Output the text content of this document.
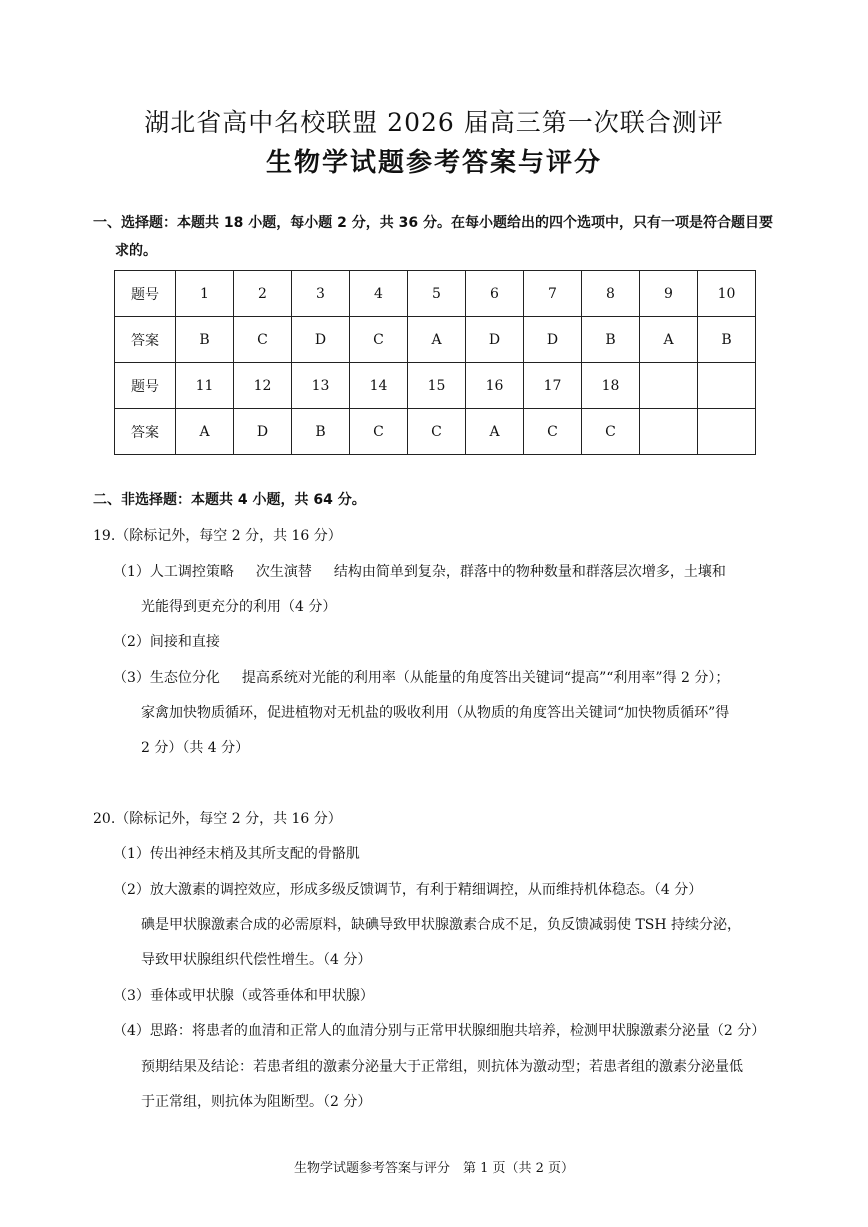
湖北省高中名校联盟 2026 届高三第一次联合测评
生物学试题参考答案与评分
一、选择题：本题共 18 小题，每小题 2 分，共 36 分。在每小题给出的四个选项中，只有一项是符合题目要
求的。
题号	1	2	3	4	5	6	7	8	9	10
答案	B	C	D	C	A	D	D	B	A	B
题号	11	12	13	14	15	16	17	18		
答案	A	D	B	C	C	A	C	C		
二、非选择题：本题共 4 小题，共 64 分。
19.（除标记外，每空 2 分，共 16 分）
（1）人工调控策略 次生演替 结构由简单到复杂，群落中的物种数量和群落层次增多，土壤和
光能得到更充分的利用（4 分）
（2）间接和直接
（3）生态位分化 提高系统对光能的利用率（从能量的角度答出关键词“提高”“利用率”得 2 分）；
家禽加快物质循环，促进植物对无机盐的吸收利用（从物质的角度答出关键词“加快物质循环”得
2 分）（共 4 分）
20.（除标记外，每空 2 分，共 16 分）
（1）传出神经末梢及其所支配的骨骼肌
（2）放大激素的调控效应，形成多级反馈调节，有利于精细调控，从而维持机体稳态。（4 分）
碘是甲状腺激素合成的必需原料，缺碘导致甲状腺激素合成不足，负反馈减弱使 TSH 持续分泌，
导致甲状腺组织代偿性增生。（4 分）
（3）垂体或甲状腺（或答垂体和甲状腺）
（4）思路：将患者的血清和正常人的血清分别与正常甲状腺细胞共培养，检测甲状腺激素分泌量（2 分）
预期结果及结论：若患者组的激素分泌量大于正常组，则抗体为激动型；若患者组的激素分泌量低
于正常组，则抗体为阻断型。（2 分）
生物学试题参考答案与评分　第 1 页（共 2 页）
